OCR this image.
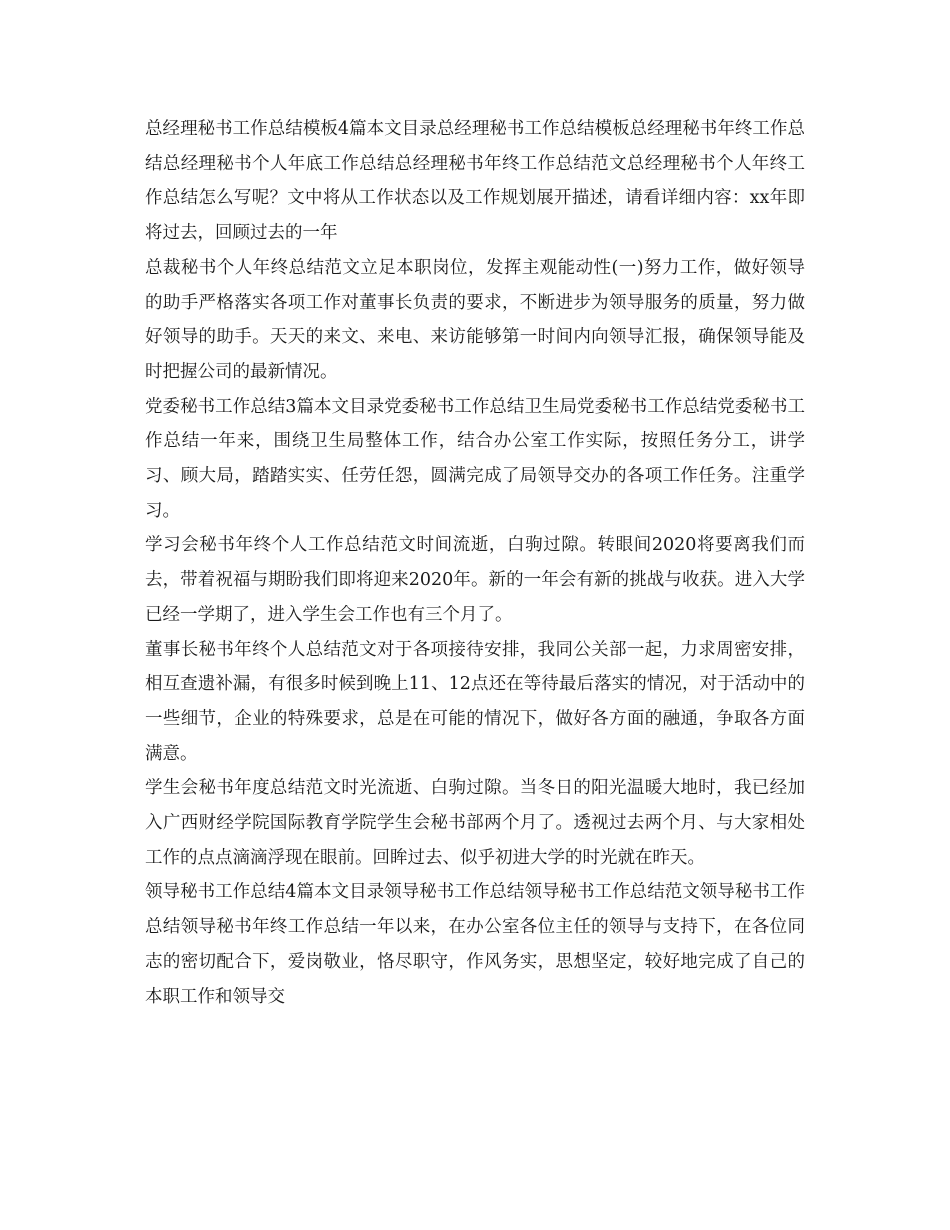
总经理秘书工作总结模板4篇本文目录总经理秘书工作总结模板总经理秘书年终工作总结总经理秘书个人年底工作总结总经理秘书年终工作总结范文总经理秘书个人年终工作总结怎么写呢？文中将从工作状态以及工作规划展开描述，请看详细内容：xx年即将过去，回顾过去的一年

总裁秘书个人年终总结范文立足本职岗位，发挥主观能动性(一)努力工作，做好领导的助手严格落实各项工作对董事长负责的要求，不断进步为领导服务的质量，努力做好领导的助手。天天的来文、来电、来访能够第一时间内向领导汇报，确保领导能及时把握公司的最新情况。

党委秘书工作总结3篇本文目录党委秘书工作总结卫生局党委秘书工作总结党委秘书工作总结一年来，围绕卫生局整体工作，结合办公室工作实际，按照任务分工，讲学习、顾大局，踏踏实实、任劳任怨，圆满完成了局领导交办的各项工作任务。注重学习。

学习会秘书年终个人工作总结范文时间流逝，白驹过隙。转眼间2020将要离我们而去，带着祝福与期盼我们即将迎来2020年。新的一年会有新的挑战与收获。进入大学已经一学期了，进入学生会工作也有三个月了。

董事长秘书年终个人总结范文对于各项接待安排，我同公关部一起，力求周密安排，相互查遗补漏，有很多时候到晚上11、12点还在等待最后落实的情况，对于活动中的一些细节，企业的特殊要求，总是在可能的情况下，做好各方面的融通，争取各方面满意。

学生会秘书年度总结范文时光流逝、白驹过隙。当冬日的阳光温暖大地时，我已经加入广西财经学院国际教育学院学生会秘书部两个月了。透视过去两个月、与大家相处工作的点点滴滴浮现在眼前。回眸过去、似乎初进大学的时光就在昨天。

领导秘书工作总结4篇本文目录领导秘书工作总结领导秘书工作总结范文领导秘书工作总结领导秘书年终工作总结一年以来，在办公室各位主任的领导与支持下，在各位同志的密切配合下，爱岗敬业，恪尽职守，作风务实，思想坚定，较好地完成了自己的本职工作和领导交
